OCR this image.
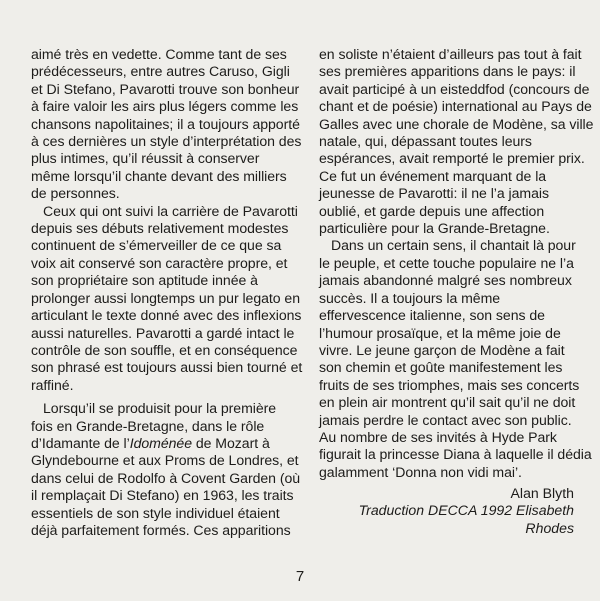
aimé très en vedette. Comme tant de ses
prédécesseurs, entre autres Caruso, Gigli
et Di Stefano, Pavarotti trouve son bonheur
à faire valoir les airs plus légers comme les
chansons napolitaines; il a toujours apporté
à ces dernières un style d’interprétation des
plus intimes, qu’il réussit à conserver
même lorsqu’il chante devant des milliers
de personnes.

Ceux qui ont suivi la carrière de Pavarotti
depuis ses débuts relativement modestes
continuent de s’émerveiller de ce que sa
voix ait conservé son caractère propre, et
son propriétaire son aptitude innée à
prolonger aussi longtemps un pur legato en
articulant le texte donné avec des inflexions
aussi naturelles. Pavarotti a gardé intact le
contrôle de son souffle, et en conséquence
son phrasé est toujours aussi bien tourné et
raffiné.

Lorsqu’il se produisit pour la première
fois en Grande-Bretagne, dans le rôle
d’Idamante de l’Idoménée de Mozart à
Glyndebourne et aux Proms de Londres, et
dans celui de Rodolfo à Covent Garden (où
il remplaçait Di Stefano) en 1963, les traits
essentiels de son style individuel étaient
déjà parfaitement formés. Ces apparitions

en soliste n’étaient d’ailleurs pas tout à fait
ses premières apparitions dans le pays: il
avait participé à un eisteddfod (concours de
chant et de poésie) international au Pays de
Galles avec une chorale de Modène, sa ville
natale, qui, dépassant toutes leurs
espérances, avait remporté le premier prix.
Ce fut un événement marquant de la
jeunesse de Pavarotti: il ne l’a jamais
oublié, et garde depuis une affection
particulière pour la Grande-Bretagne.

Dans un certain sens, il chantait là pour
le peuple, et cette touche populaire ne l’a
jamais abandonné malgré ses nombreux
succès. Il a toujours la même
effervescence italienne, son sens de
l’humour prosaïque, et la même joie de
vivre. Le jeune garçon de Modène a fait
son chemin et goûte manifestement les
fruits de ses triomphes, mais ses concerts
en plein air montrent qu’il sait qu’il ne doit
jamais perdre le contact avec son public.
Au nombre de ses invités à Hyde Park
figurait la princesse Diana à laquelle il dédia
galamment ‘Donna non vidi mai’.

Alan Blyth
Traduction DECCA 1992 Elisabeth Rhodes
7
